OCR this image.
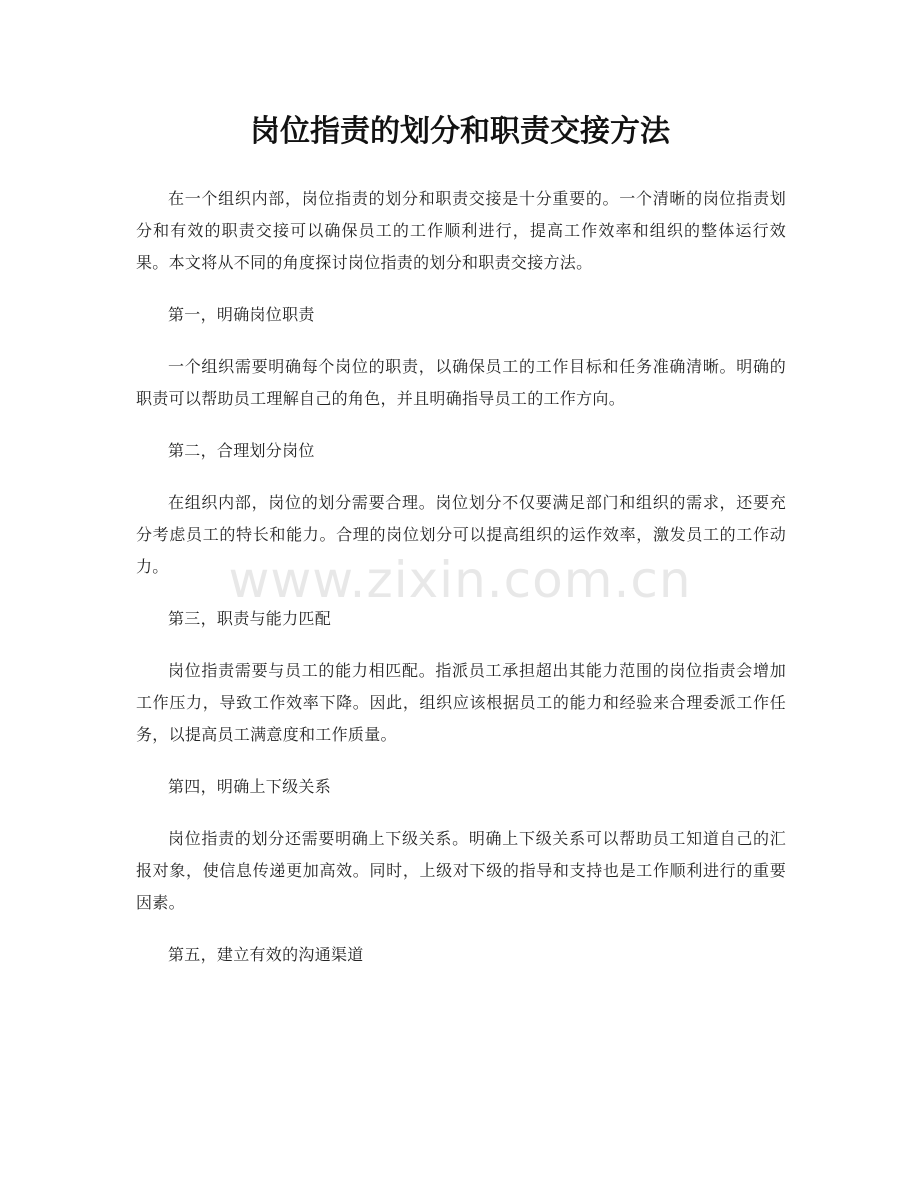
岗位指责的划分和职责交接方法

在一个组织内部，岗位指责的划分和职责交接是十分重要的。一个清晰的岗位指责划分和有效的职责交接可以确保员工的工作顺利进行，提高工作效率和组织的整体运行效果。本文将从不同的角度探讨岗位指责的划分和职责交接方法。

第一，明确岗位职责

一个组织需要明确每个岗位的职责，以确保员工的工作目标和任务准确清晰。明确的职责可以帮助员工理解自己的角色，并且明确指导员工的工作方向。

第二，合理划分岗位

在组织内部，岗位的划分需要合理。岗位划分不仅要满足部门和组织的需求，还要充分考虑员工的特长和能力。合理的岗位划分可以提高组织的运作效率，激发员工的工作动力。

第三，职责与能力匹配

岗位指责需要与员工的能力相匹配。指派员工承担超出其能力范围的岗位指责会增加工作压力，导致工作效率下降。因此，组织应该根据员工的能力和经验来合理委派工作任务，以提高员工满意度和工作质量。

第四，明确上下级关系

岗位指责的划分还需要明确上下级关系。明确上下级关系可以帮助员工知道自己的汇报对象，使信息传递更加高效。同时，上级对下级的指导和支持也是工作顺利进行的重要因素。

第五，建立有效的沟通渠道

www.zixin.com.cn
